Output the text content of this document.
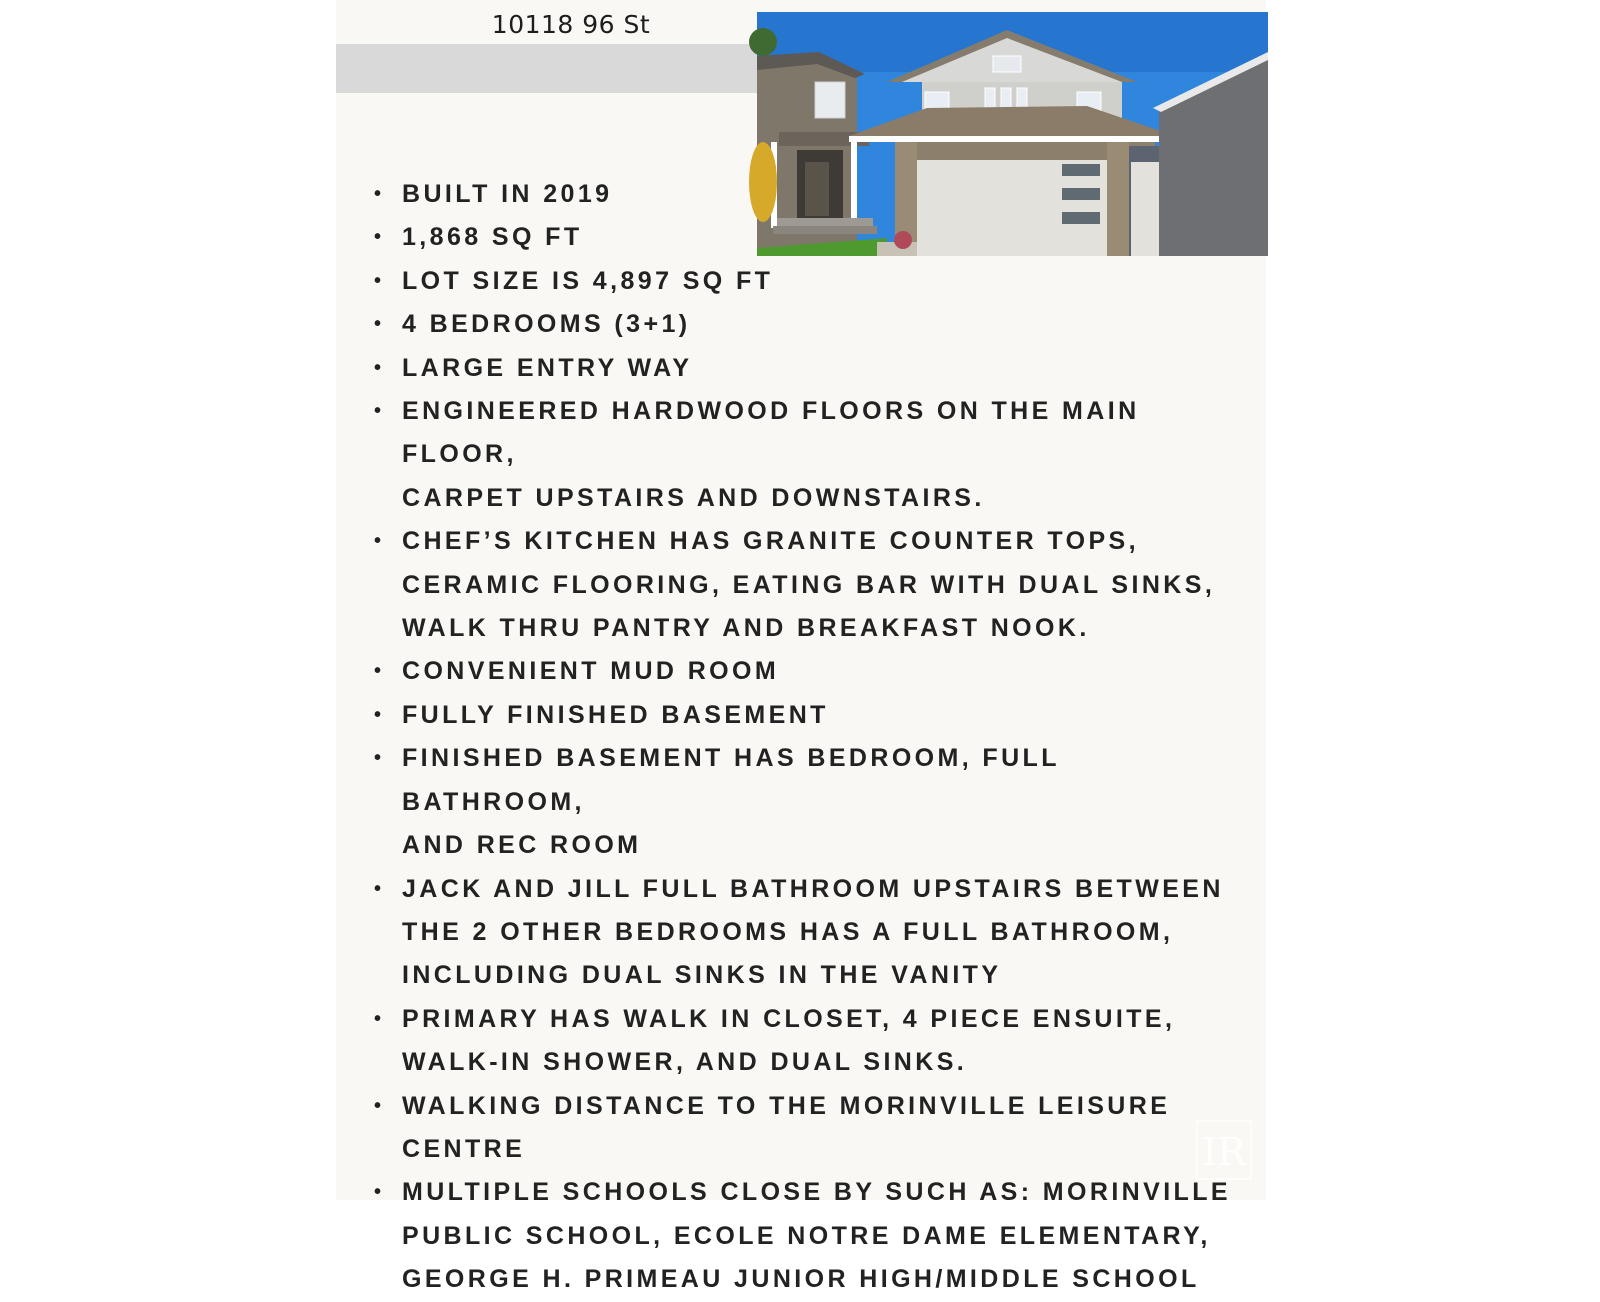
10118 96 St
• BUILT IN 2019
• 1,868 SQ FT
• LOT SIZE IS 4,897 SQ FT
• 4 BEDROOMS (3+1)
• LARGE ENTRY WAY
• ENGINEERED HARDWOOD FLOORS ON THE MAIN FLOOR,
CARPET UPSTAIRS AND DOWNSTAIRS.
• CHEF’S KITCHEN HAS GRANITE COUNTER TOPS,
CERAMIC FLOORING, EATING BAR WITH DUAL SINKS,
WALK THRU PANTRY AND BREAKFAST NOOK.
• CONVENIENT MUD ROOM
• FULLY FINISHED BASEMENT
• FINISHED BASEMENT HAS BEDROOM, FULL BATHROOM,
AND REC ROOM
• JACK AND JILL FULL BATHROOM UPSTAIRS BETWEEN
THE 2 OTHER BEDROOMS HAS A FULL BATHROOM,
INCLUDING DUAL SINKS IN THE VANITY
• PRIMARY HAS WALK IN CLOSET, 4 PIECE ENSUITE,
WALK-IN SHOWER, AND DUAL SINKS.
• WALKING DISTANCE TO THE MORINVILLE LEISURE
CENTRE
• MULTIPLE SCHOOLS CLOSE BY SUCH AS: MORINVILLE
PUBLIC SCHOOL, ECOLE NOTRE DAME ELEMENTARY,
GEORGE H. PRIMEAU JUNIOR HIGH/MIDDLE SCHOOL
IR
